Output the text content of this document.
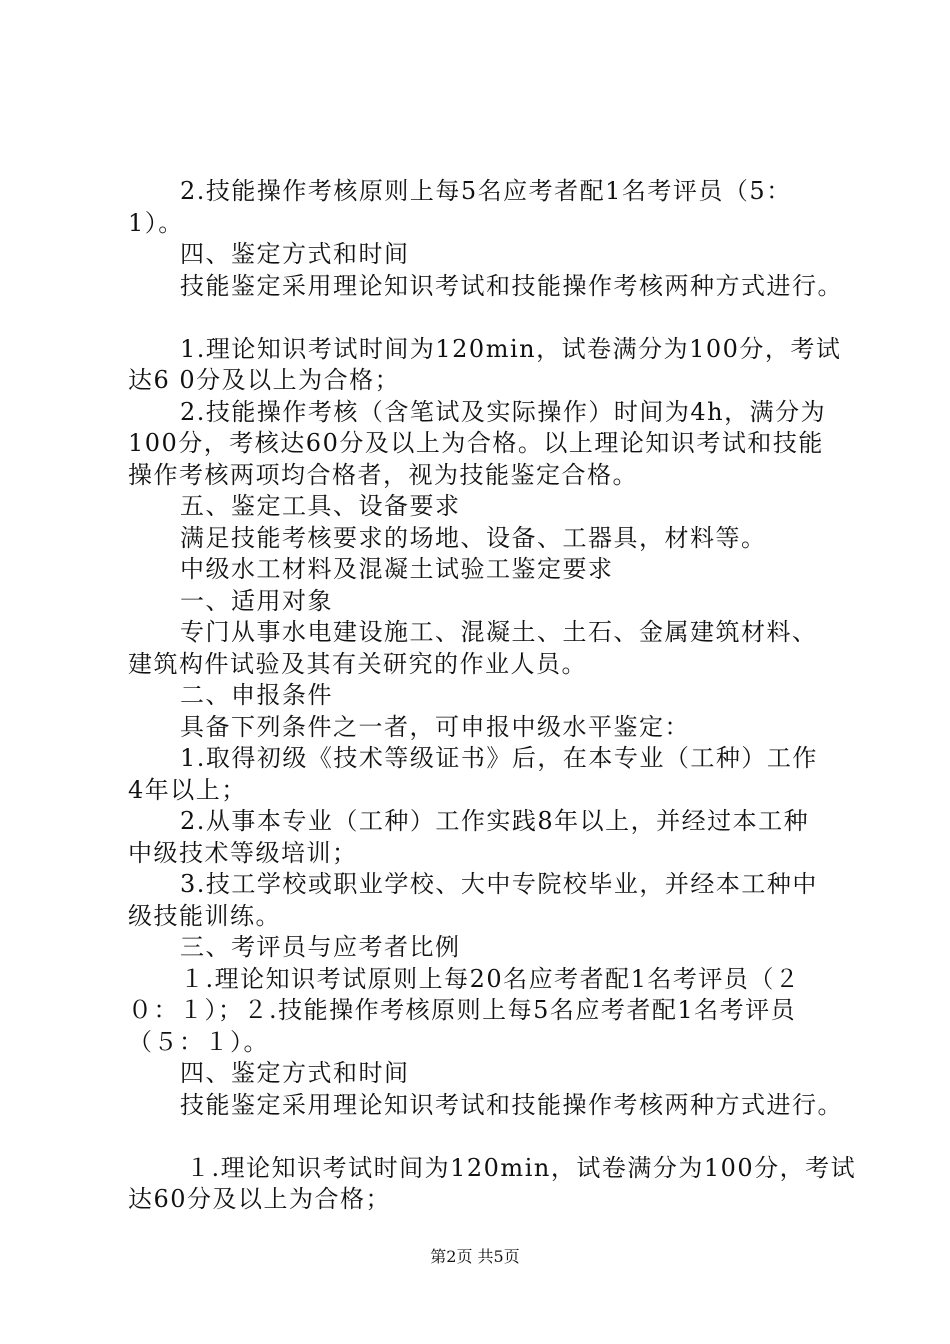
2.技能操作考核原则上每5名应考者配1名考评员（5：
1）。
四、鉴定方式和时间
技能鉴定采用理论知识考试和技能操作考核两种方式进行。
1.理论知识考试时间为120min，试卷满分为100分，考试
达6 0分及以上为合格；
2.技能操作考核（含笔试及实际操作）时间为4h，满分为
100分，考核达60分及以上为合格。以上理论知识考试和技能
操作考核两项均合格者，视为技能鉴定合格。
五、鉴定工具、设备要求
满足技能考核要求的场地、设备、工器具，材料等。
中级水工材料及混凝土试验工鉴定要求
一、适用对象
专门从事水电建设施工、混凝土、土石、金属建筑材料、
建筑构件试验及其有关研究的作业人员。
二、申报条件
具备下列条件之一者，可申报中级水平鉴定：
1.取得初级《技术等级证书》后，在本专业（工种）工作
4年以上；
2.从事本专业（工种）工作实践8年以上，并经过本工种
中级技术等级培训；
3.技工学校或职业学校、大中专院校毕业，并经本工种中
级技能训练。
三、考评员与应考者比例
１.理论知识考试原则上每20名应考者配1名考评员（２
０：１）；２.技能操作考核原则上每5名应考者配1名考评员
（５：１）。
四、鉴定方式和时间
技能鉴定采用理论知识考试和技能操作考核两种方式进行。
１.理论知识考试时间为120min，试卷满分为100分，考试
达60分及以上为合格；
第2页 共5页
